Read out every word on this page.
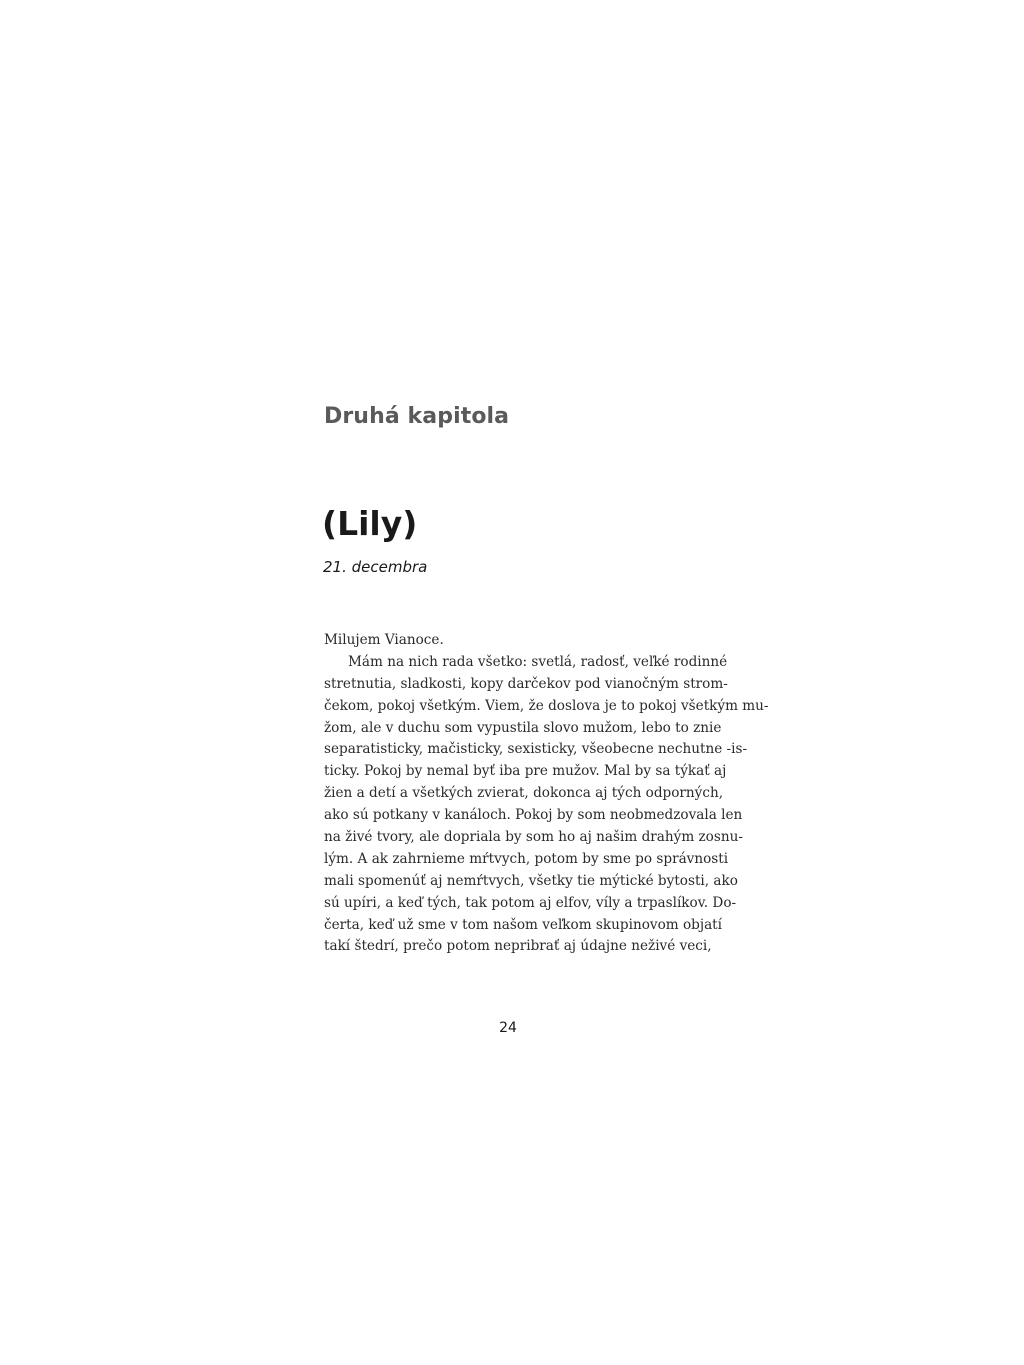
Druhá kapitola
(Lily)
21. decembra
Milujem Vianoce.
Mám na nich rada všetko: svetlá, radosť, veľké rodinné
stretnutia, sladkosti, kopy darčekov pod vianočným strom-
čekom, pokoj všetkým. Viem, že doslova je to pokoj všetkým mu-
žom, ale v duchu som vypustila slovo mužom, lebo to znie
separatisticky, mačisticky, sexisticky, všeobecne nechutne -is-
ticky. Pokoj by nemal byť iba pre mužov. Mal by sa týkať aj
žien a detí a všetkých zvierat, dokonca aj tých odporných,
ako sú potkany v kanáloch. Pokoj by som neobmedzovala len
na živé tvory, ale dopriala by som ho aj našim drahým zosnu-
lým. A ak zahrnieme mŕtvych, potom by sme po správnosti
mali spomenúť aj nemŕtvych, všetky tie mýtické bytosti, ako
sú upíri, a keď tých, tak potom aj elfov, víly a trpaslíkov. Do-
čerta, keď už sme v tom našom veľkom skupinovom objatí
takí štedrí, prečo potom nepribrať aj údajne neživé veci,
24
